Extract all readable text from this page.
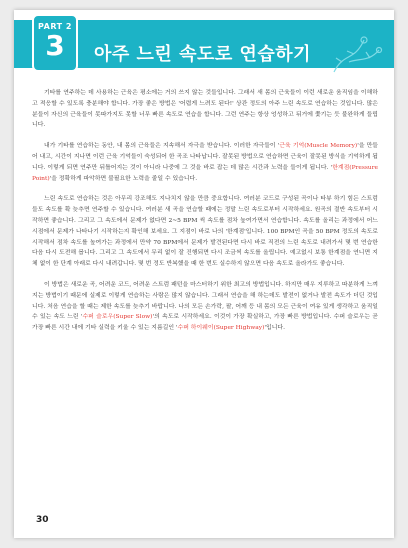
아주 느린 속도로 연습하기
PART 2
3

기타를 연주하는 데 사용하는 근육은 평소에는 거의 쓰지 않는 것들입니다. 그래서 새 몸의 근육들이 이런 새로운 움직임을 이해하고 적응할 수 있도록 충분해야 합니다. 가장 좋은 방법은 '어렵게 느려도 된다!' 상관 정도의 아주 느린 속도로 연습하는 것입니다. 많은 분들이 자신의 근육들이 못따가지도 못할 너무 빠른 속도로 연습을 합니다. 그런 연주는 항상 엉성하고 뒤거에 쫓기는 듯 불완하게 들립니다.

내가 기타를 연습하는 동안, 내 몸의 근육들은 지속해서 자극을 받습니다. 이러한 자극들이 '근육 기억(Muscle Memory)'을 만들어 내고, 시간이 지나면 이런 근육 기억들이 숙성되어 한 곡조 나타납니다. 잘못된 방법으로 연습하면 근육이 잘못된 방식을 기억하게 됩니다. 이렇게 되면 연주만 뒤틀어지는 것이 아니라 나중에 그 것을 바로 잡는 데 많은 시간과 노력을 들이게 됩니다. '한계점(Pressure Point)'을 정확하게 파악하면 불필요한 노력을 줄일 수 있습니다.

느린 속도로 연습하는 것은 아무리 강조해도 지나치지 않을 만큼 중요합니다. 여러분 코드로 구성된 곡이나 타뷰 하기 힘든 스트럼들도 속도를 확 늦추면 연주할 수 있습니다. 여러분 새 곡을 연습할 때에는 정말 느린 속도로부터 시작하세요. 원곡의 절반 속도부터 시작하면 좋습니다. 그리고 그 속도에서 문제가 없다면 2~5 BPM 씩 속도를 점차 높여가면서 연습합니다. 속도를 올리는 과정에서 어느 시점에서 문제가 나타나기 시작하는지 확인해 보세요. 그 지점이 바로 나의 '한계점'입니다. 100 BPM인 곡을 50 BPM 정도의 속도로 시작해서 점차 속도를 높여가는 과정에서 만약 70 BPM에서 문제가 발견된다면 다시 바로 직전의 느린 속도로 내려가서 몇 번 연습한 다음 다시 도전해 봅니다. 그리고 그 속도에서 무리 없이 잘 진행되면 다시 조금씩 속도를 올립니다. 예고없시 보통 한계점을 연니면 지체 없이 한 단계 아래로 다시 내려갑니다. 몇 번 정도 반복했을 때 한 번도 실수하지 않으면 다음 속도로 올라가도 좋습니다.

이 방법은 새로운 곡, 어려운 코드, 어려운 스트럼 패턴을 마스터하기 위한 최고의 방법입니다. 하지만 매우 지루하고 따분하게 느껴지는 방법이기 때문에 실제로 이렇게 연습하는 사람은 많지 않습니다. 그래서 연습을 해 하는데도 발전이 없거나 발전 속도가 더딘 것입니다. 처음 연습을 할 때는 제한 속도를 늦추기 바랍니다. 나의 모든 손가락, 팔, 어깨 등 내 몸의 모든 근육이 여유 있게 생각하고 움직일 수 있는 속도 느린 '수퍼 슬로우(Super Slow)'의 속도로 시작하세요. 이것이 가장 확실하고, 가장 빠른 방법입니다. 수퍼 슬로우는 곧 가장 빠른 시간 내에 기타 실력을 키울 수 있는 지름길인 '수퍼 하이웨이(Super Highway)'입니다.

30
